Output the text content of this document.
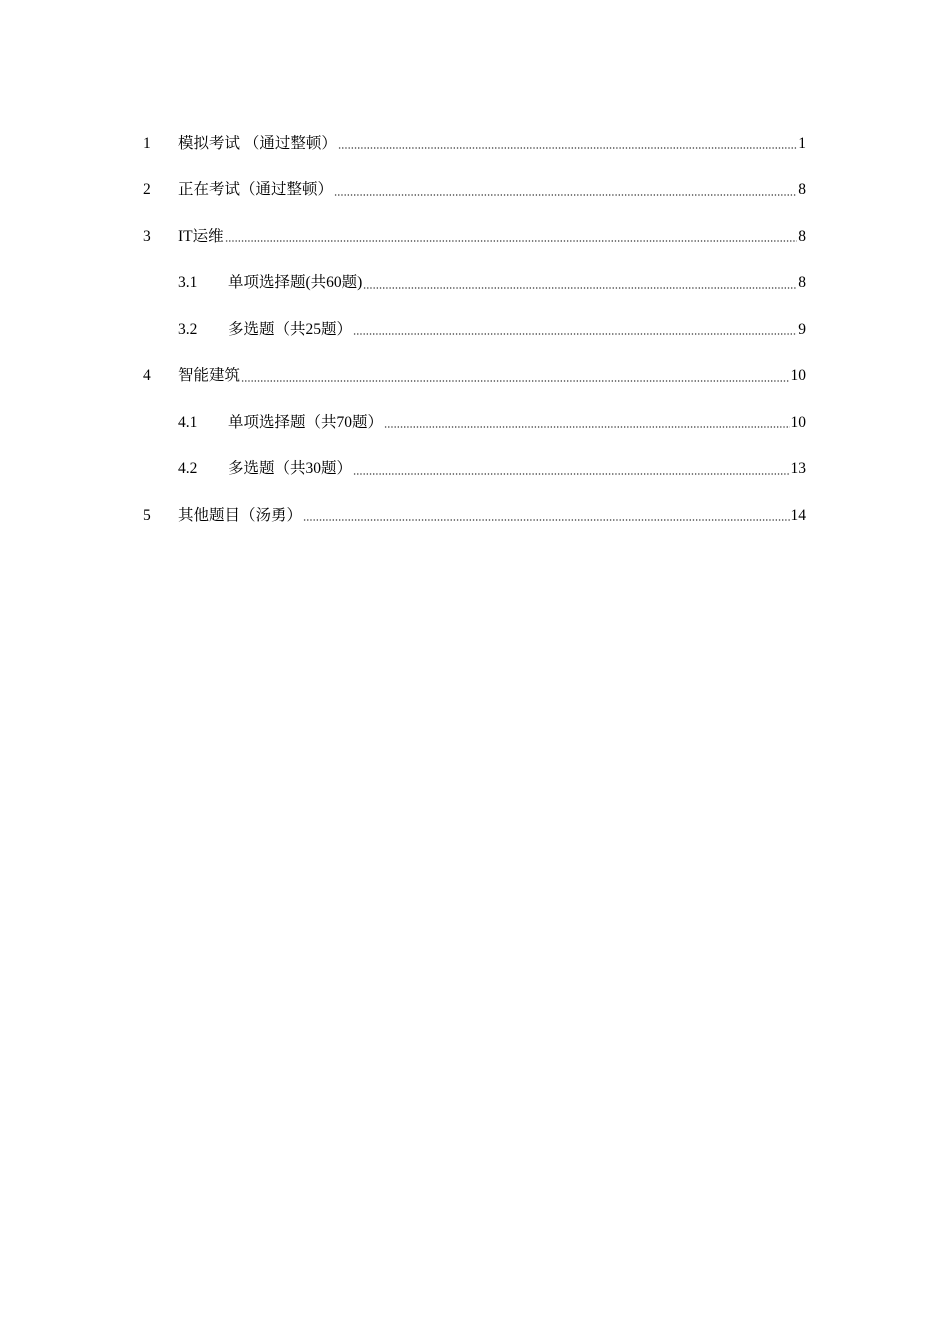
1	模拟考试 （通过整顿）	1
2	正在考试（通过整顿）	8
3	IT运维	8
3.1	单项选择题(共60题)	8
3.2	多选题（共25题）	9
4	智能建筑	10
4.1	单项选择题（共70题）	10
4.2	多选题（共30题）	13
5	其他题目（汤勇）	14
